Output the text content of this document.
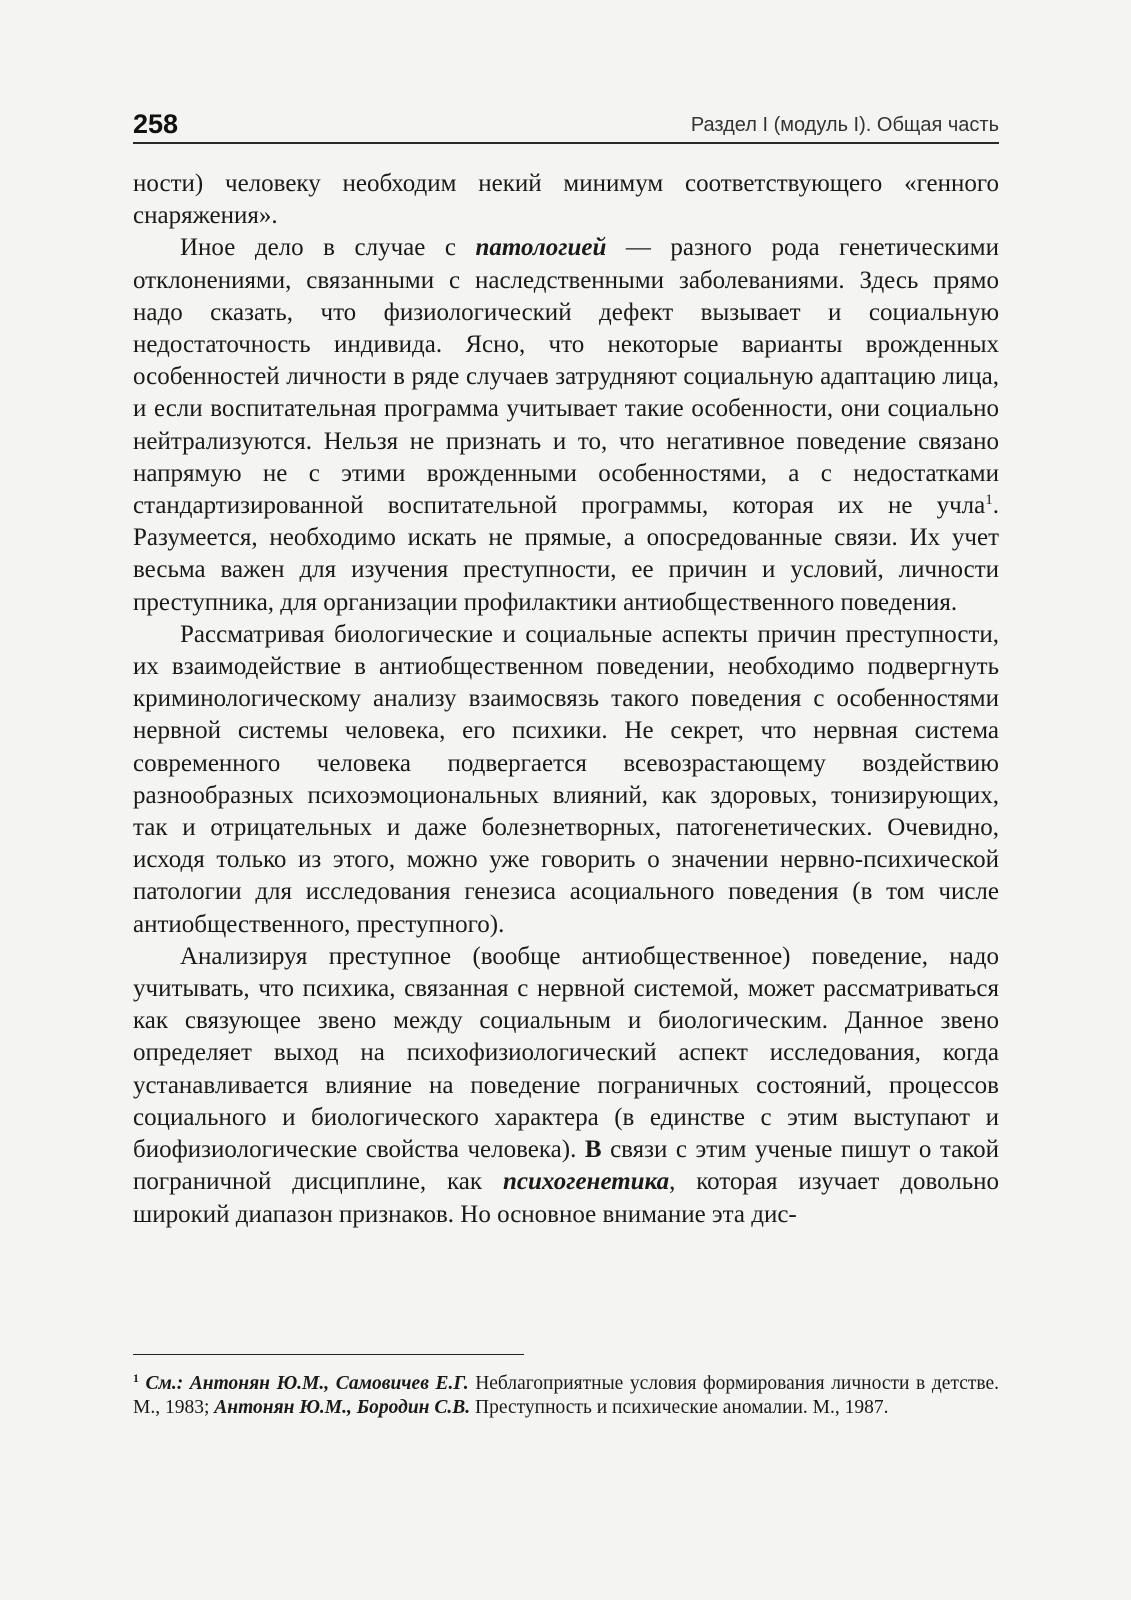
258	Раздел I (модуль I). Общая часть

ности) человеку необходим некий минимум соответствующего «генного снаряжения».

Иное дело в случае с патологией — разного рода генетическими отклонениями, связанными с наследственными заболеваниями. Здесь прямо надо сказать, что физиологический дефект вызывает и социальную недостаточность индивида. Ясно, что некоторые варианты врожденных особенностей личности в ряде случаев затрудняют социальную адаптацию лица, и если воспитательная программа учитывает такие особенности, они социально нейтрализуются. Нельзя не признать и то, что негативное поведение связано напрямую не с этими врожденными особенностями, а с недостатками стандартизированной воспитательной программы, которая их не учла$^1$. Разумеется, необходимо искать не прямые, а опосредованные связи. Их учет весьма важен для изучения преступности, ее причин и условий, личности преступника, для организации профилактики антиобщественного поведения.

Рассматривая биологические и социальные аспекты причин преступности, их взаимодействие в антиобщественном поведении, необходимо подвергнуть криминологическому анализу взаимосвязь такого поведения с особенностями нервной системы человека, его психики. Не секрет, что нервная система современного человека подвергается всевозрастающему воздействию разнообразных психоэмоциональных влияний, как здоровых, тонизирующих, так и отрицательных и даже болезнетворных, патогенетических. Очевидно, исходя только из этого, можно уже говорить о значении нервно-психической патологии для исследования генезиса асоциального поведения (в том числе антиобщественного, преступного).

Анализируя преступное (вообще антиобщественное) поведение, надо учитывать, что психика, связанная с нервной системой, может рассматриваться как связующее звено между социальным и биологическим. Данное звено определяет выход на психофизиологический аспект исследования, когда устанавливается влияние на поведение пограничных состояний, процессов социального и биологического характера (в единстве с этим выступают и биофизиологические свойства человека). В связи с этим ученые пишут о такой пограничной дисциплине, как психогенетика, которая изучает довольно широкий диапазон признаков. Но основное внимание эта дис-

$^1$ См.: Антонян Ю.М., Самовичев Е.Г. Неблагоприятные условия формирования личности в детстве. М., 1983; Антонян Ю.М., Бородин С.В. Преступность и психические аномалии. М., 1987.
